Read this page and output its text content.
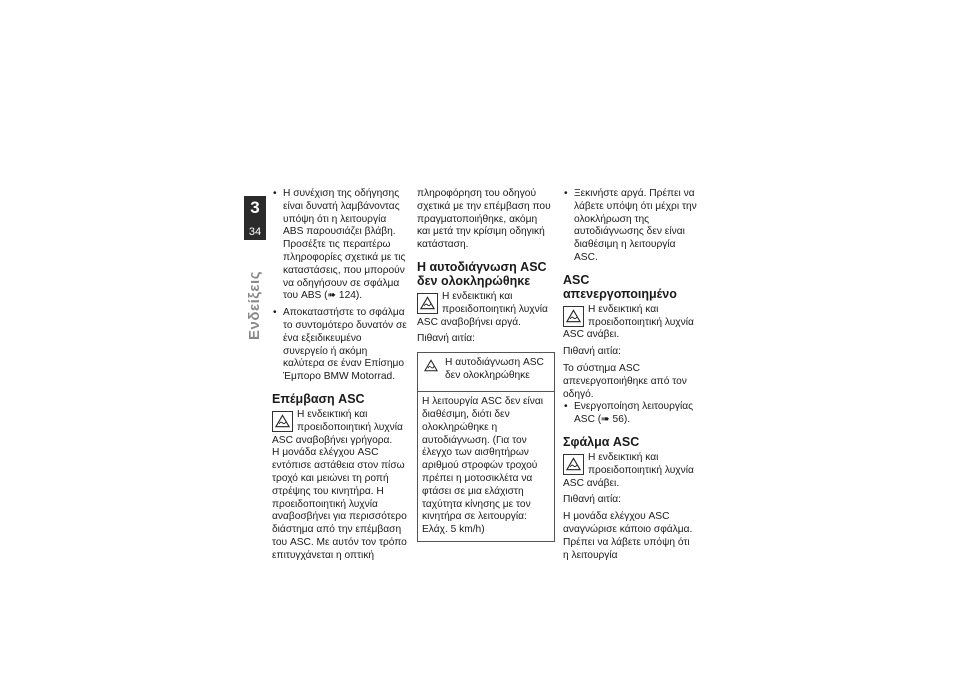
3
34
Ενδείξεις

• Η συνέχιση της οδήγησης είναι δυνατή λαμβάνοντας υπόψη ότι η λειτουργία ABS παρουσιάζει βλάβη. Προσέξτε τις περαιτέρω πληροφορίες σχετικά με τις καταστάσεις, που μπορούν να οδηγήσουν σε σφάλμα του ABS (➠ 124).

• Αποκαταστήστε το σφάλμα το συντομότερο δυνατόν σε ένα εξειδικευμένο συνεργείο ή ακόμη καλύτερα σε έναν Επίσημο Έμπορο BMW Motorrad.

Επέμβαση ASC

Η ενδεικτική και προειδοποιητική λυχνία ASC αναβοβήνει γρήγορα.

Η μονάδα ελέγχου ASC εντόπισε αστάθεια στον πίσω τροχό και μειώνει τη ροπή στρέψης του κινητήρα. Η προειδοποιητική λυχνία αναβοσβήνει για περισσότερο διάστημα από την επέμβαση του ASC. Με αυτόν τον τρόπο επιτυγχάνεται η οπτική

πληροφόρηση του οδηγού σχετικά με την επέμβαση που πραγματοποιήθηκε, ακόμη και μετά την κρίσιμη οδηγική κατάσταση.

Η αυτοδιάγνωση ASC δεν ολοκληρώθηκε

Η ενδεικτική και προειδοποιητική λυχνία ASC αναβοβήνει αργά.

Πιθανή αιτία:

Η αυτοδιάγνωση ASC δεν ολοκληρώθηκε

Η λειτουργία ASC δεν είναι διαθέσιμη, διότι δεν ολοκληρώθηκε η αυτοδιάγνωση. (Για τον έλεγχο των αισθητήρων αριθμού στροφών τροχού πρέπει η μοτοσικλέτα να φτάσει σε μια ελάχιστη ταχύτητα κίνησης με τον κινητήρα σε λειτουργία: Ελάχ. 5 km/h)

• Ξεκινήστε αργά. Πρέπει να λάβετε υπόψη ότι μέχρι την ολοκλήρωση της αυτοδιάγνωσης δεν είναι διαθέσιμη η λειτουργία ASC.

ASC απενεργοποιημένο

Η ενδεικτική και προειδοποιητική λυχνία ASC ανάβει.

Πιθανή αιτία:

Το σύστημα ASC απενεργοποιήθηκε από τον οδηγό.

• Ενεργοποίηση λειτουργίας ASC (➠ 56).

Σφάλμα ASC

Η ενδεικτική και προειδοποιητική λυχνία ASC ανάβει.

Πιθανή αιτία:

Η μονάδα ελέγχου ASC αναγνώρισε κάποιο σφάλμα. Πρέπει να λάβετε υπόψη ότι η λειτουργία
